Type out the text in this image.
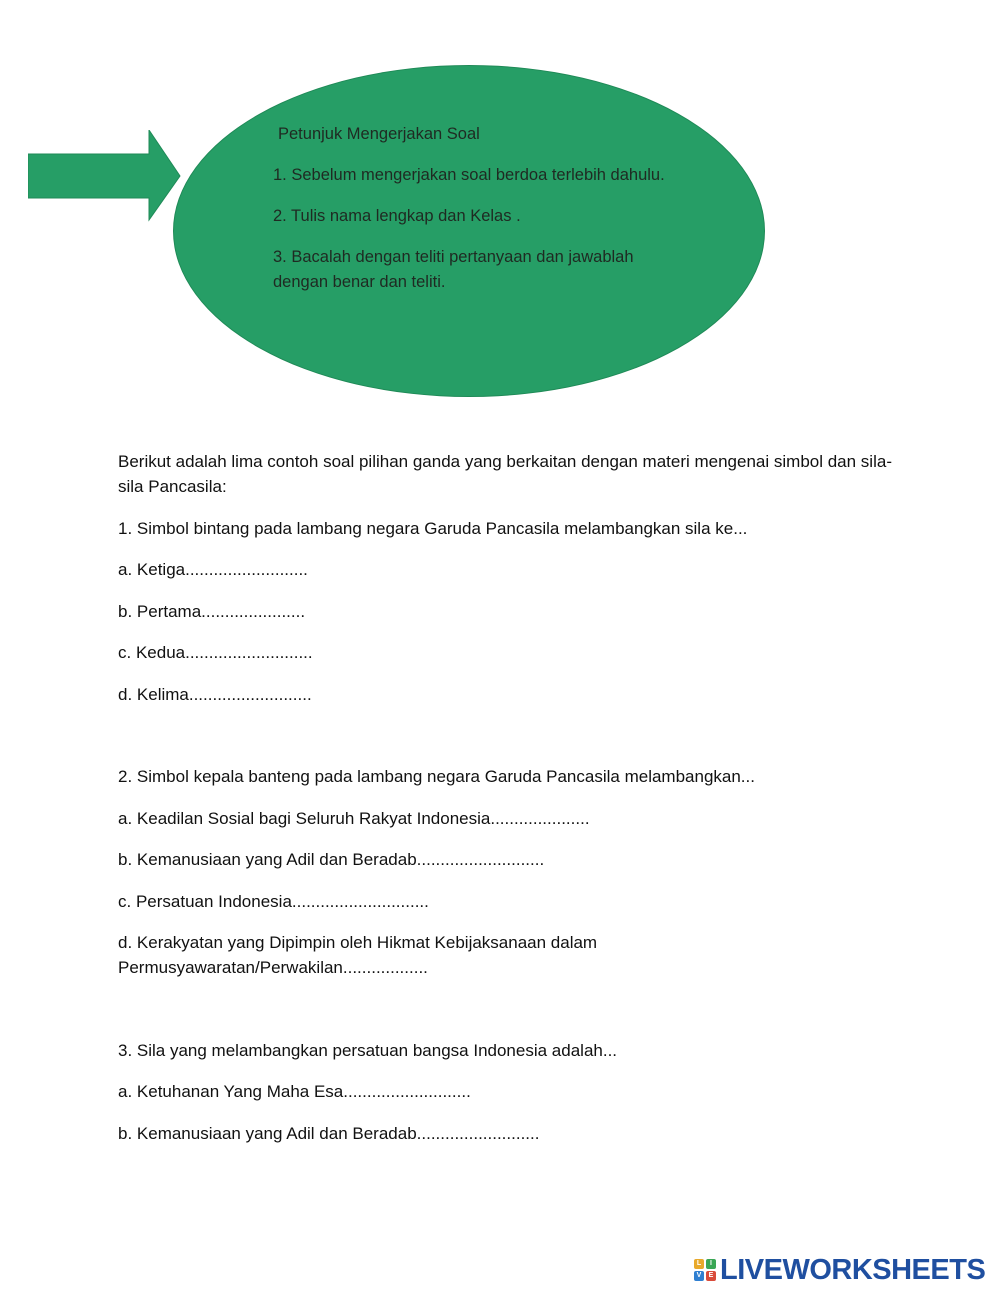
Petunjuk Mengerjakan Soal

1. Sebelum mengerjakan soal berdoa terlebih dahulu.

2. Tulis nama lengkap dan Kelas .

3. Bacalah dengan teliti pertanyaan dan jawablah dengan benar dan teliti.

Berikut adalah lima contoh soal pilihan ganda yang berkaitan dengan materi mengenai simbol dan sila-sila Pancasila:

1. Simbol bintang pada lambang negara Garuda Pancasila melambangkan sila ke...

a. Ketiga..........................

b. Pertama......................

c. Kedua...........................

d. Kelima..........................

2. Simbol kepala banteng pada lambang negara Garuda Pancasila melambangkan...

a. Keadilan Sosial bagi Seluruh Rakyat Indonesia.....................

b. Kemanusiaan yang Adil dan Beradab...........................

c. Persatuan Indonesia.............................

d. Kerakyatan yang Dipimpin oleh Hikmat Kebijaksanaan dalam Permusyawaratan/Perwakilan..................

3. Sila yang melambangkan persatuan bangsa Indonesia adalah...

a. Ketuhanan Yang Maha Esa...........................

b. Kemanusiaan yang Adil dan Beradab..........................

L	I
V	E LIVEWORKSHEETS
